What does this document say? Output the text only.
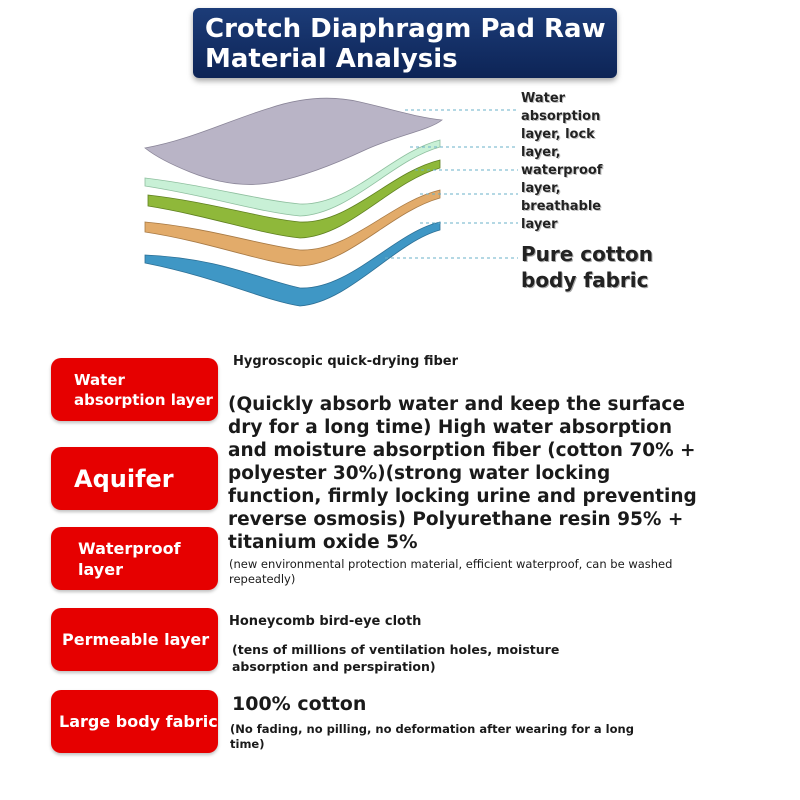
Crotch Diaphragm Pad Raw Material Analysis
Water absorption layer, lock layer, waterproof layer, breathable layer
Pure cotton body fabric
Water absorption layer
Aquifer
Waterproof layer
Permeable layer
Large body fabric
Hygroscopic quick-drying fiber
(Quickly absorb water and keep the surface dry for a long time) High water absorption and moisture absorption fiber (cotton 70% + polyester 30%)(strong water locking function, firmly locking urine and preventing reverse osmosis) Polyurethane resin 95% + titanium oxide 5%
(new environmental protection material, efficient waterproof, can be washed repeatedly)
Honeycomb bird-eye cloth
(tens of millions of ventilation holes, moisture absorption and perspiration)
100% cotton
(No fading, no pilling, no deformation after wearing for a long time)
